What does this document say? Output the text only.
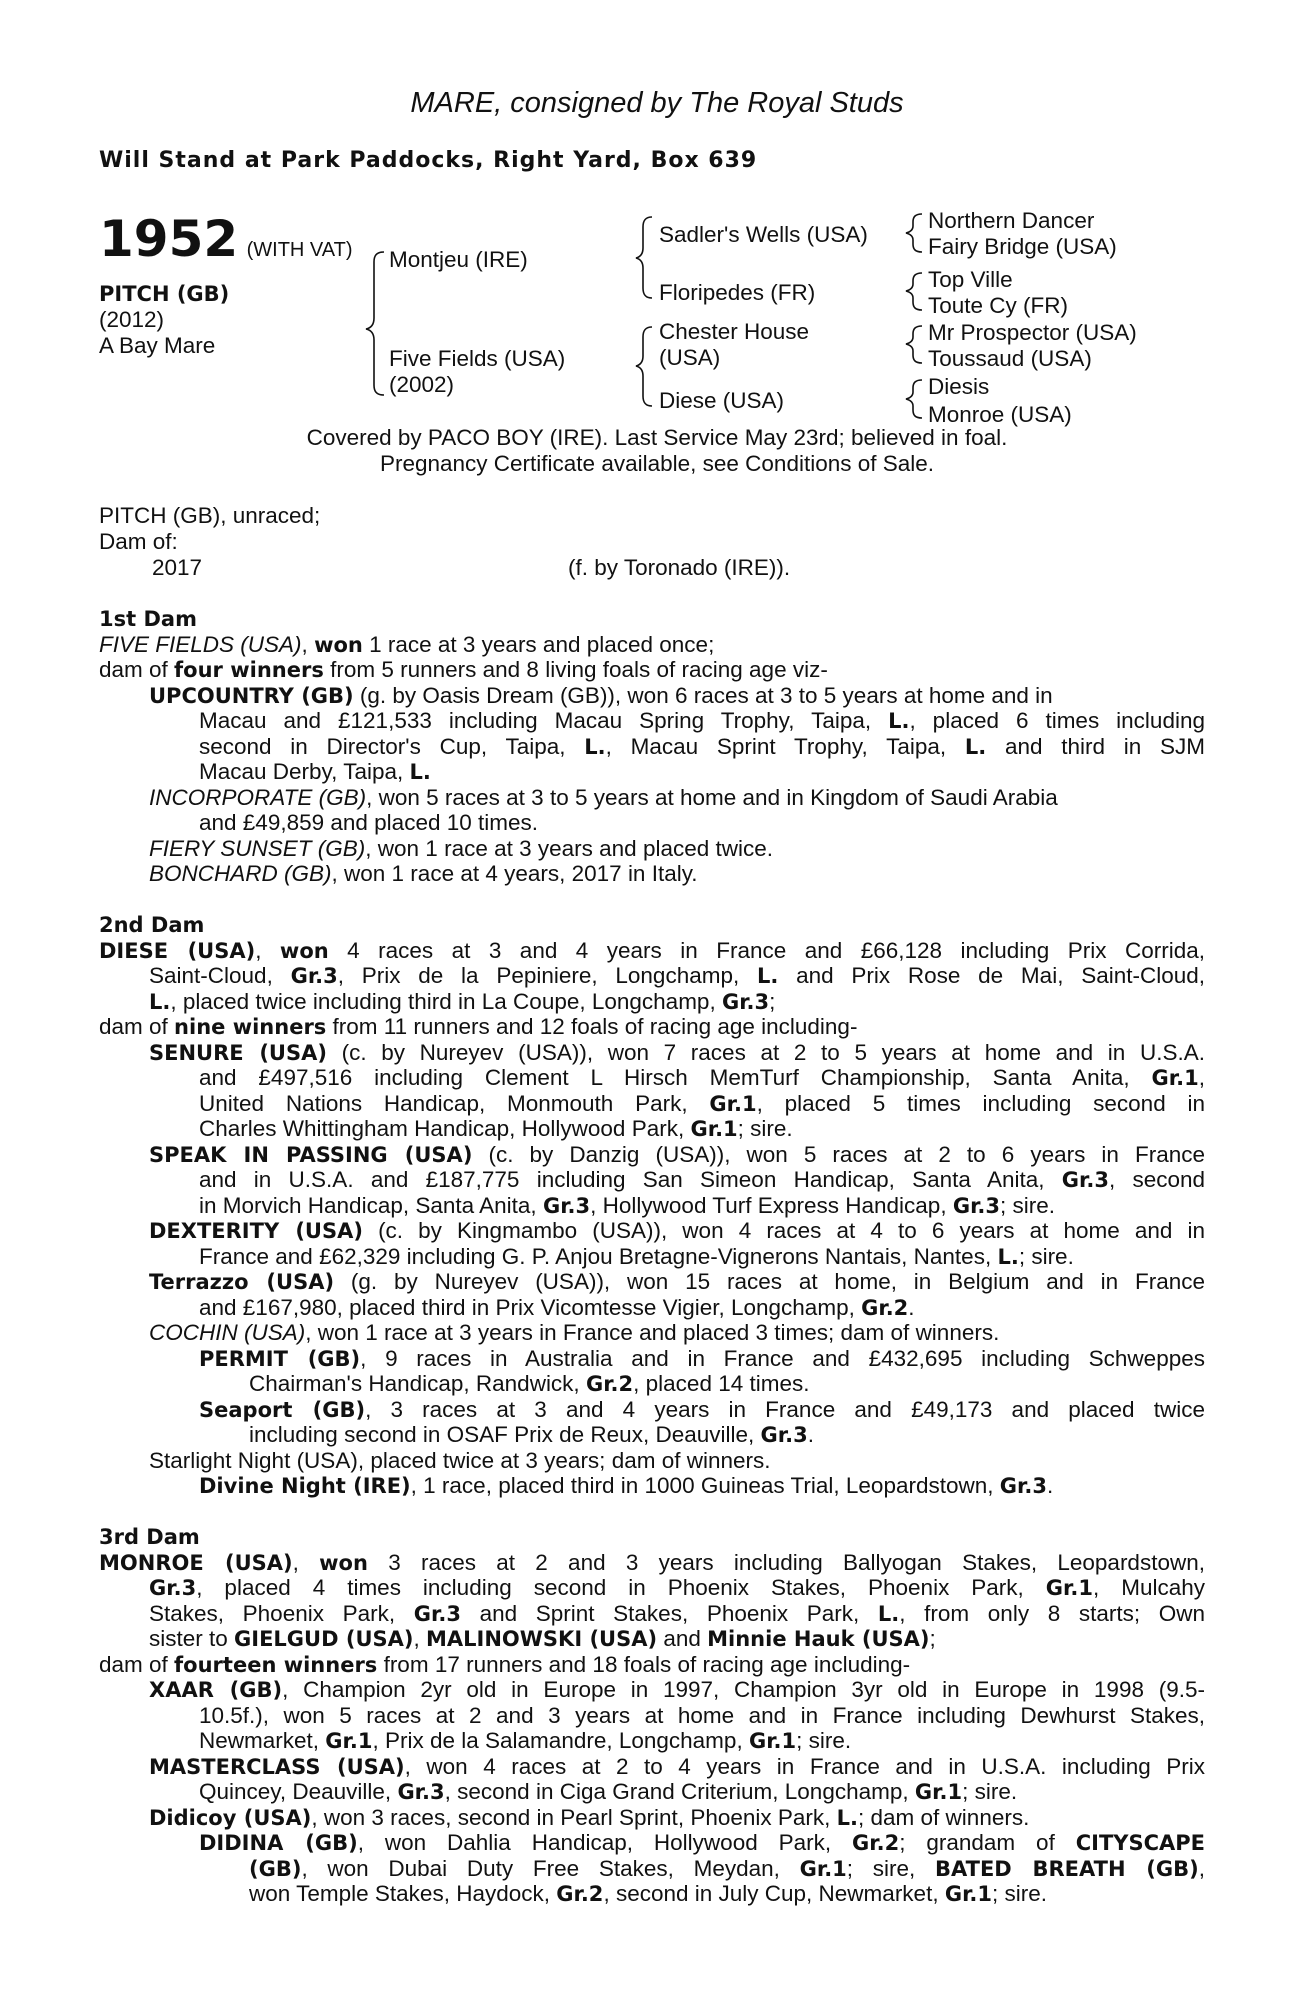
MARE, consigned by The Royal Studs
Will Stand at Park Paddocks, Right Yard, Box 639
1952 (WITH VAT)
PITCH (GB)
(2012)
A Bay Mare
Montjeu (IRE)
Five Fields (USA)
(2002)
Sadler's Wells (USA)
Floripedes (FR)
Chester House
(USA)
Diese (USA)
Northern Dancer
Fairy Bridge (USA)
Top Ville
Toute Cy (FR)
Mr Prospector (USA)
Toussaud (USA)
Diesis
Monroe (USA)
Covered by PACO BOY (IRE). Last Service May 23rd; believed in foal.
Pregnancy Certificate available, see Conditions of Sale.
PITCH (GB), unraced;
Dam of:
2017	(f. by Toronado (IRE)).
1st Dam
FIVE FIELDS (USA), won 1 race at 3 years and placed once;
dam of four winners from 5 runners and 8 living foals of racing age viz-
UPCOUNTRY (GB) (g. by Oasis Dream (GB)), won 6 races at 3 to 5 years at home and in
Macau and £121,533 including Macau Spring Trophy, Taipa, L., placed 6 times including
second in Director's Cup, Taipa, L., Macau Sprint Trophy, Taipa, L. and third in SJM
Macau Derby, Taipa, L.
INCORPORATE (GB), won 5 races at 3 to 5 years at home and in Kingdom of Saudi Arabia
and £49,859 and placed 10 times.
FIERY SUNSET (GB), won 1 race at 3 years and placed twice.
BONCHARD (GB), won 1 race at 4 years, 2017 in Italy.
2nd Dam
DIESE (USA), won 4 races at 3 and 4 years in France and £66,128 including Prix Corrida,
Saint-Cloud, Gr.3, Prix de la Pepiniere, Longchamp, L. and Prix Rose de Mai, Saint-Cloud,
L., placed twice including third in La Coupe, Longchamp, Gr.3;
dam of nine winners from 11 runners and 12 foals of racing age including-
SENURE (USA) (c. by Nureyev (USA)), won 7 races at 2 to 5 years at home and in U.S.A.
and £497,516 including Clement L Hirsch MemTurf Championship, Santa Anita, Gr.1,
United Nations Handicap, Monmouth Park, Gr.1, placed 5 times including second in
Charles Whittingham Handicap, Hollywood Park, Gr.1; sire.
SPEAK IN PASSING (USA) (c. by Danzig (USA)), won 5 races at 2 to 6 years in France
and in U.S.A. and £187,775 including San Simeon Handicap, Santa Anita, Gr.3, second
in Morvich Handicap, Santa Anita, Gr.3, Hollywood Turf Express Handicap, Gr.3; sire.
DEXTERITY (USA) (c. by Kingmambo (USA)), won 4 races at 4 to 6 years at home and in
France and £62,329 including G. P. Anjou Bretagne-Vignerons Nantais, Nantes, L.; sire.
Terrazzo (USA) (g. by Nureyev (USA)), won 15 races at home, in Belgium and in France
and £167,980, placed third in Prix Vicomtesse Vigier, Longchamp, Gr.2.
COCHIN (USA), won 1 race at 3 years in France and placed 3 times; dam of winners.
PERMIT (GB), 9 races in Australia and in France and £432,695 including Schweppes
Chairman's Handicap, Randwick, Gr.2, placed 14 times.
Seaport (GB), 3 races at 3 and 4 years in France and £49,173 and placed twice
including second in OSAF Prix de Reux, Deauville, Gr.3.
Starlight Night (USA), placed twice at 3 years; dam of winners.
Divine Night (IRE), 1 race, placed third in 1000 Guineas Trial, Leopardstown, Gr.3.
3rd Dam
MONROE (USA), won 3 races at 2 and 3 years including Ballyogan Stakes, Leopardstown,
Gr.3, placed 4 times including second in Phoenix Stakes, Phoenix Park, Gr.1, Mulcahy
Stakes, Phoenix Park, Gr.3 and Sprint Stakes, Phoenix Park, L., from only 8 starts; Own
sister to GIELGUD (USA), MALINOWSKI (USA) and Minnie Hauk (USA);
dam of fourteen winners from 17 runners and 18 foals of racing age including-
XAAR (GB), Champion 2yr old in Europe in 1997, Champion 3yr old in Europe in 1998 (9.5-
10.5f.), won 5 races at 2 and 3 years at home and in France including Dewhurst Stakes,
Newmarket, Gr.1, Prix de la Salamandre, Longchamp, Gr.1; sire.
MASTERCLASS (USA), won 4 races at 2 to 4 years in France and in U.S.A. including Prix
Quincey, Deauville, Gr.3, second in Ciga Grand Criterium, Longchamp, Gr.1; sire.
Didicoy (USA), won 3 races, second in Pearl Sprint, Phoenix Park, L.; dam of winners.
DIDINA (GB), won Dahlia Handicap, Hollywood Park, Gr.2; grandam of CITYSCAPE
(GB), won Dubai Duty Free Stakes, Meydan, Gr.1; sire, BATED BREATH (GB),
won Temple Stakes, Haydock, Gr.2, second in July Cup, Newmarket, Gr.1; sire.
